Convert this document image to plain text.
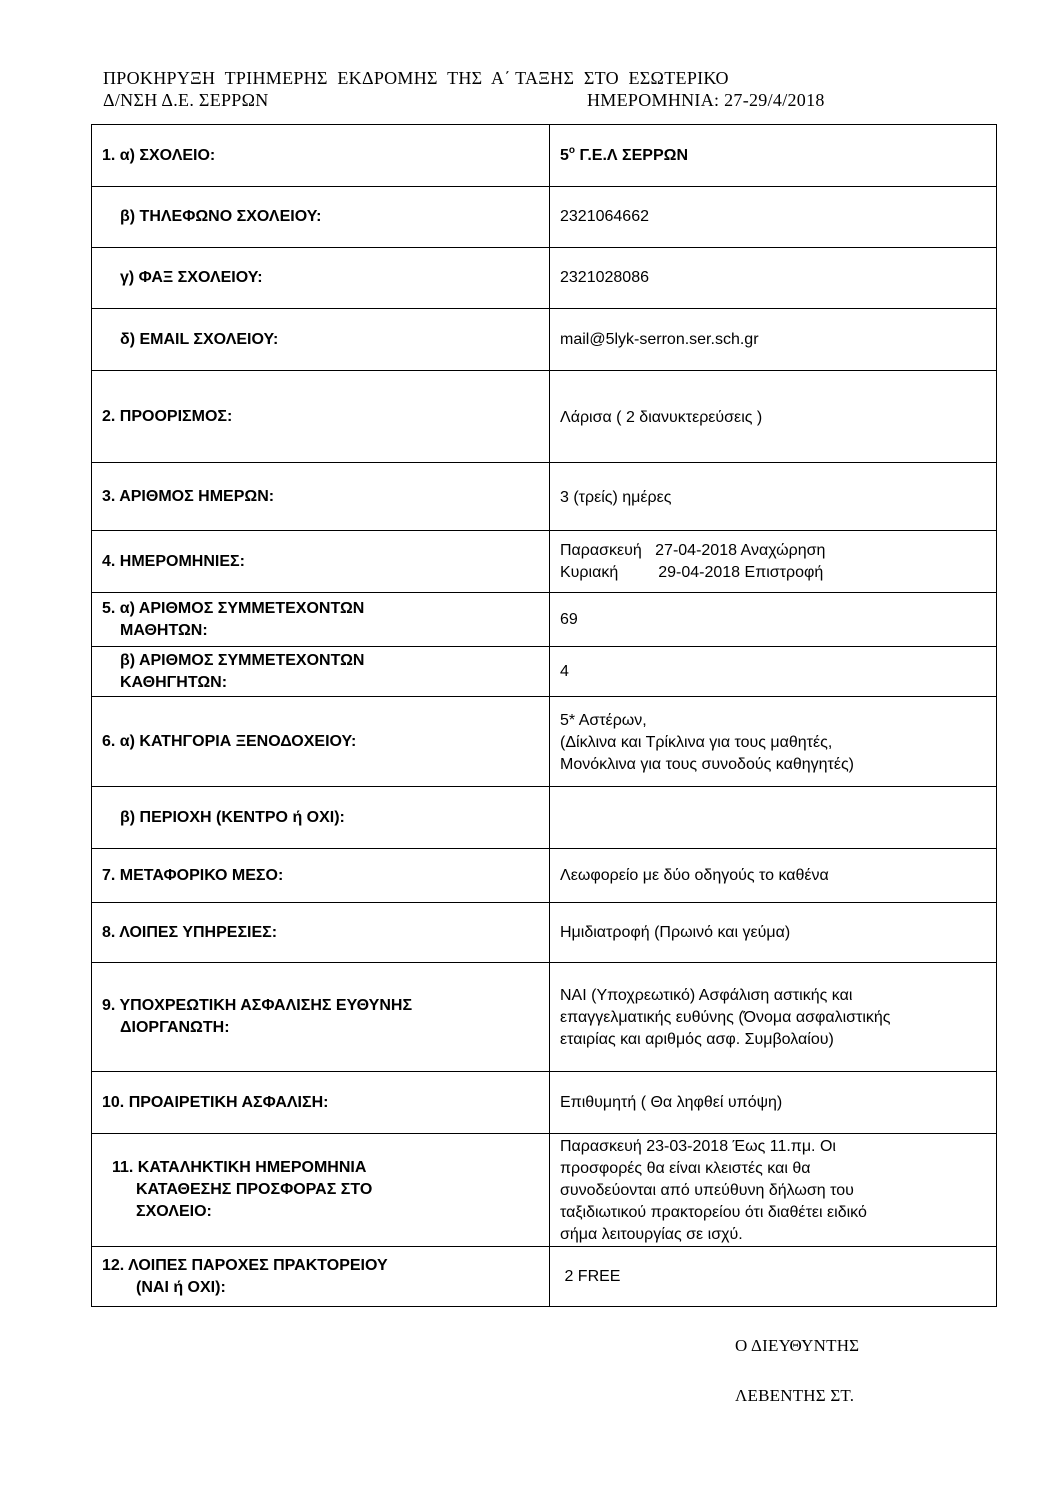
ΠΡΟΚΗΡΥΞΗ  ΤΡΙΗΜΕΡΗΣ  ΕΚΔΡΟΜΗΣ  ΤΗΣ  Α΄ ΤΑΞΗΣ  ΣΤΟ  ΕΣΩΤΕΡΙΚΟ
Δ/ΝΣΗ Δ.Ε. ΣΕΡΡΩΝ	ΗΜΕΡΟΜΗΝΙΑ: 27-29/4/2018
1. α) ΣΧΟΛΕΙΟ:	$5^o$ Γ.Ε.Λ ΣΕΡΡΩΝ

β) ΤΗΛΕΦΩΝΟ ΣΧΟΛΕΙΟΥ:	2321064662

γ) ΦΑΞ ΣΧΟΛΕΙΟΥ:	2321028086

δ) EMAIL ΣΧΟΛΕΙΟΥ:	mail@5lyk-serron.ser.sch.gr

2. ΠΡΟΟΡΙΣΜΟΣ:	Λάρισα ( 2 διανυκτερεύσεις )

3. ΑΡΙΘΜΟΣ ΗΜΕΡΩΝ:	3 (τρείς) ημέρες

4. ΗΜΕΡΟΜΗΝΙΕΣ:	Παρασκευή   27-04-2018 Αναχώρηση
Κυριακή         29-04-2018 Επιστροφή

5. α) ΑΡΙΘΜΟΣ ΣΥΜΜΕΤΕΧΟΝΤΩΝ
ΜΑΘΗΤΩΝ:	69

β) ΑΡΙΘΜΟΣ ΣΥΜΜΕΤΕΧΟΝΤΩΝ
ΚΑΘΗΓΗΤΩΝ:	4

6. α) ΚΑΤΗΓΟΡΙΑ ΞΕΝΟΔΟΧΕΙΟΥ:	5* Αστέρων,
(Δίκλινα και Τρίκλινα για τους μαθητές,
Μονόκλινα για τους συνοδούς καθηγητές)

β) ΠΕΡΙΟΧΗ (ΚΕΝΤΡΟ ή ΟΧΙ):	

7. ΜΕΤΑΦΟΡΙΚΟ ΜΕΣΟ:	Λεωφορείο με δύο οδηγούς το καθένα

8. ΛΟΙΠΕΣ ΥΠΗΡΕΣΙΕΣ:	Ημιδιατροφή (Πρωινό και γεύμα)

9. ΥΠΟΧΡΕΩΤΙΚΗ ΑΣΦΑΛΙΣΗΣ ΕΥΘΥΝΗΣ
ΔΙΟΡΓΑΝΩΤΗ:	ΝΑΙ (Υποχρεωτικό) Ασφάλιση αστικής και
επαγγελματικής ευθύνης (Όνομα ασφαλιστικής
εταιρίας και αριθμός ασφ. Συμβολαίου)

10. ΠΡΟΑΙΡΕΤΙΚΗ ΑΣΦΑΛΙΣΗ:	Επιθυμητή ( Θα ληφθεί υπόψη)

11. ΚΑΤΑΛΗΚΤΙΚΗ ΗΜΕΡΟΜΗΝΙΑ
ΚΑΤΑΘΕΣΗΣ ΠΡΟΣΦΟΡΑΣ ΣΤΟ
ΣΧΟΛΕΙΟ:	Παρασκευή 23-03-2018 Έως 11.πμ. Οι
προσφορές θα είναι κλειστές και θα
συνοδεύονται από υπεύθυνη δήλωση του
ταξιδιωτικού πρακτορείου ότι διαθέτει ειδικό
σήμα λειτουργίας σε ισχύ.

12. ΛΟΙΠΕΣ ΠΑΡΟΧΕΣ ΠΡΑΚΤΟΡΕΙΟΥ
(ΝΑΙ ή ΟΧΙ):	2 FREE
Ο ΔΙΕΥΘΥΝΤΗΣ
ΛΕΒΕΝΤΗΣ ΣΤ.
